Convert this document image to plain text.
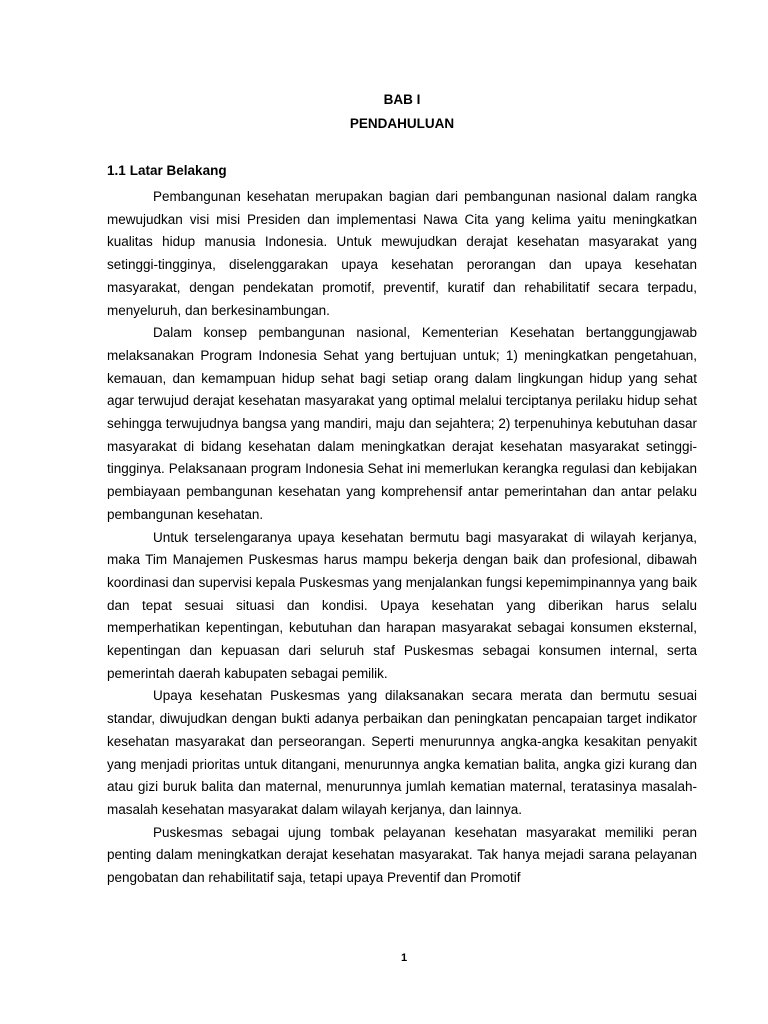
BAB I
PENDAHULUAN
1.1 Latar Belakang

Pembangunan kesehatan merupakan bagian dari pembangunan nasional dalam rangka mewujudkan visi misi Presiden dan implementasi Nawa Cita yang kelima yaitu meningkatkan kualitas hidup manusia Indonesia. Untuk mewujudkan derajat kesehatan masyarakat yang setinggi-tingginya, diselenggarakan upaya kesehatan perorangan dan upaya kesehatan masyarakat, dengan pendekatan promotif, preventif, kuratif dan rehabilitatif secara terpadu, menyeluruh, dan berkesinambungan.

Dalam konsep pembangunan nasional, Kementerian Kesehatan bertanggungjawab melaksanakan Program Indonesia Sehat yang bertujuan untuk; 1) meningkatkan pengetahuan, kemauan, dan kemampuan hidup sehat bagi setiap orang dalam lingkungan hidup yang sehat agar terwujud derajat kesehatan masyarakat yang optimal melalui terciptanya perilaku hidup sehat sehingga terwujudnya bangsa yang mandiri, maju dan sejahtera; 2) terpenuhinya kebutuhan dasar masyarakat di bidang kesehatan dalam meningkatkan derajat kesehatan masyarakat setinggi-tingginya. Pelaksanaan program Indonesia Sehat ini memerlukan kerangka regulasi dan kebijakan pembiayaan pembangunan kesehatan yang komprehensif antar pemerintahan dan antar pelaku pembangunan kesehatan.

Untuk terselengaranya upaya kesehatan bermutu bagi masyarakat di wilayah kerjanya, maka Tim Manajemen Puskesmas harus mampu bekerja dengan baik dan profesional, dibawah koordinasi dan supervisi kepala Puskesmas yang menjalankan fungsi kepemimpinannya yang baik dan tepat sesuai situasi dan kondisi. Upaya kesehatan yang diberikan harus selalu memperhatikan kepentingan, kebutuhan dan harapan masyarakat sebagai konsumen eksternal, kepentingan dan kepuasan dari seluruh staf Puskesmas sebagai konsumen internal, serta pemerintah daerah kabupaten sebagai pemilik.

Upaya kesehatan Puskesmas yang dilaksanakan secara merata dan bermutu sesuai standar, diwujudkan dengan bukti adanya perbaikan dan peningkatan pencapaian target indikator kesehatan masyarakat dan perseorangan. Seperti menurunnya angka-angka kesakitan penyakit yang menjadi prioritas untuk ditangani, menurunnya angka kematian balita, angka gizi kurang dan atau gizi buruk balita dan maternal, menurunnya jumlah kematian maternal, teratasinya masalah-masalah kesehatan masyarakat dalam wilayah kerjanya, dan lainnya.

Puskesmas sebagai ujung tombak pelayanan kesehatan masyarakat memiliki peran penting dalam meningkatkan derajat kesehatan masyarakat. Tak hanya mejadi sarana pelayanan pengobatan dan rehabilitatif saja, tetapi upaya Preventif dan Promotif

1
